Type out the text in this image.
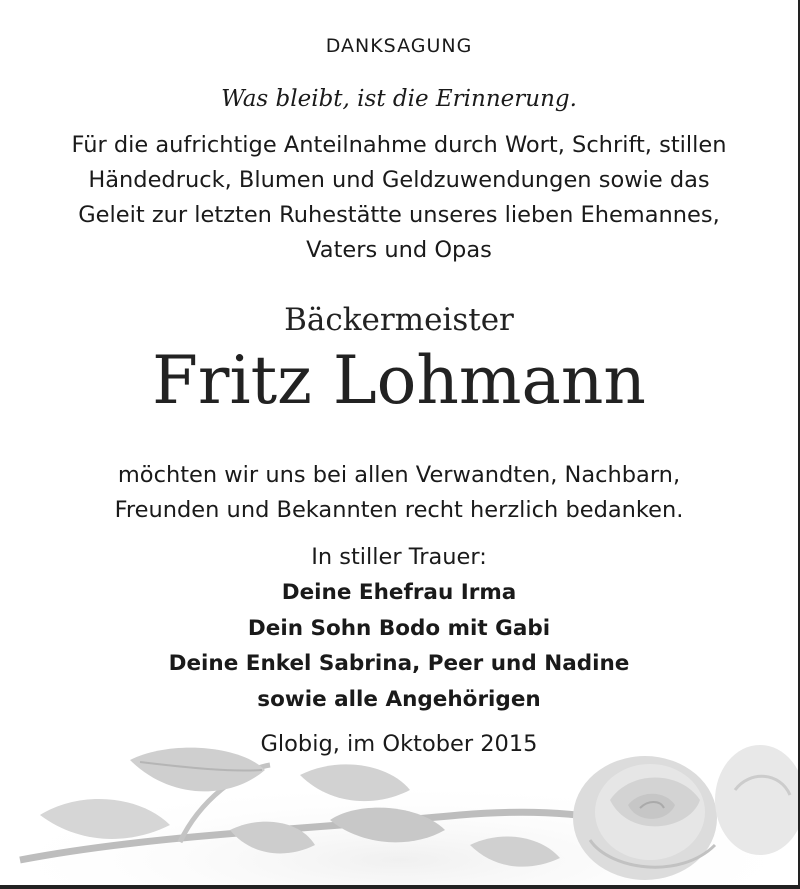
DANKSAGUNG
Was bleibt, ist die Erinnerung.
Für die aufrichtige Anteilnahme durch Wort, Schrift, stillen
Händedruck, Blumen und Geldzuwendungen sowie das
Geleit zur letzten Ruhestätte unseres lieben Ehemannes,
Vaters und Opas
Bäckermeister
Fritz Lohmann
möchten wir uns bei allen Verwandten, Nachbarn,
Freunden und Bekannten recht herzlich bedanken.
In stiller Trauer:
Deine Ehefrau Irma
Dein Sohn Bodo mit Gabi
Deine Enkel Sabrina, Peer und Nadine
sowie alle Angehörigen
Globig, im Oktober 2015
